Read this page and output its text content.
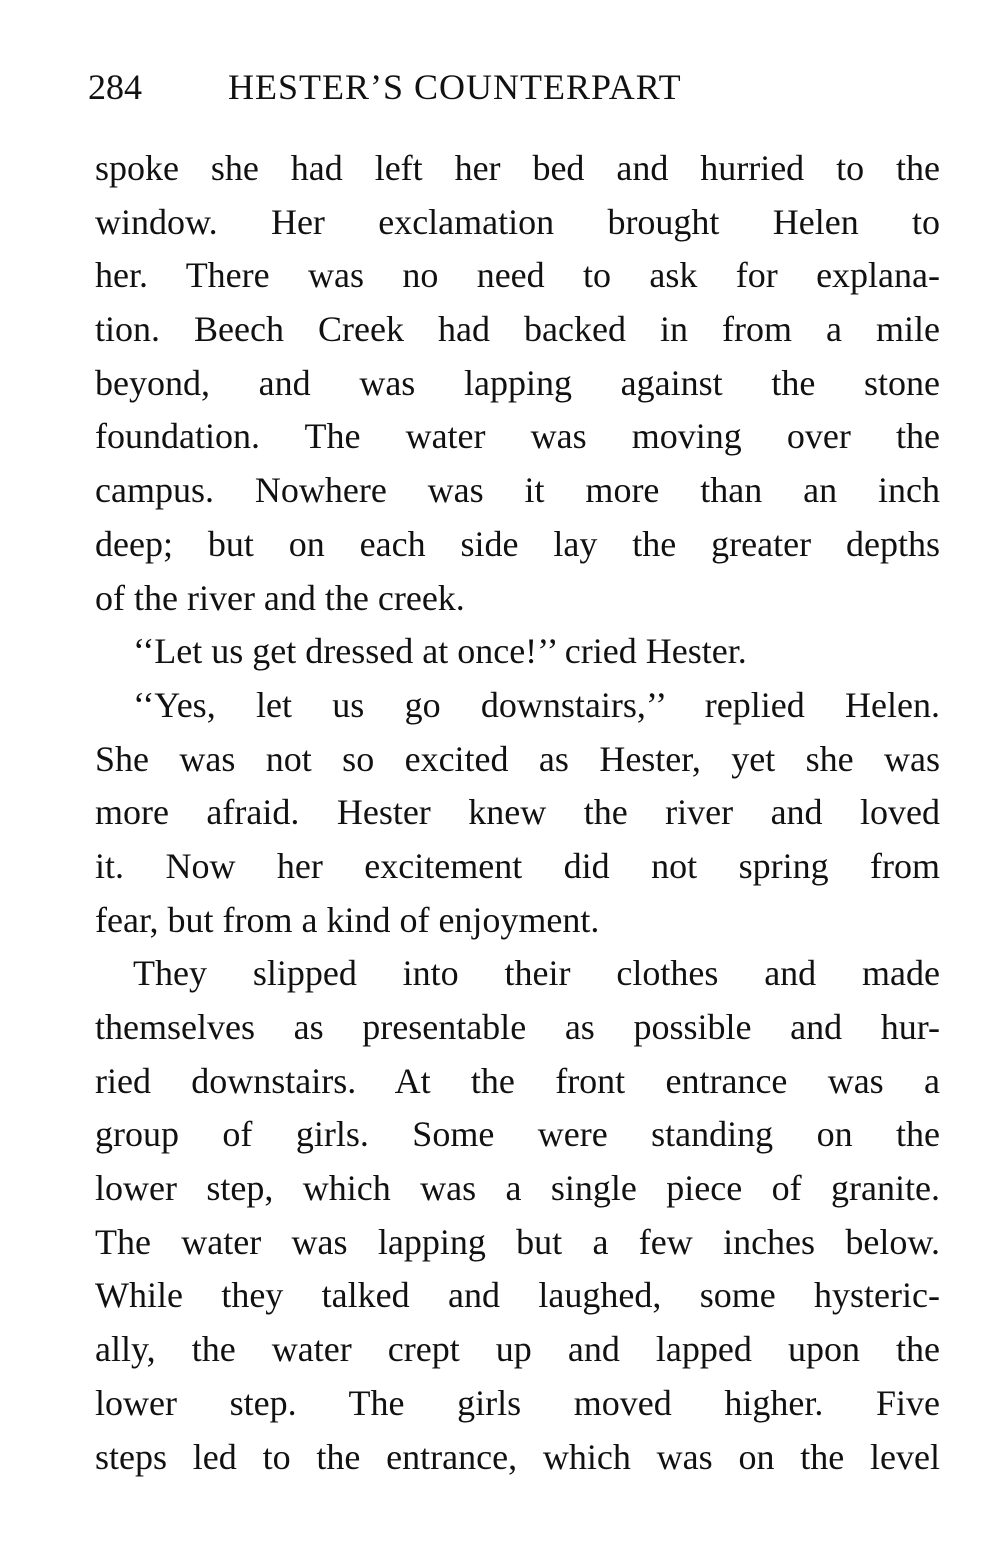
284 HESTER’S COUNTERPART
spoke she had left her bed and hurried to the
window. Her exclamation brought Helen to
her. There was no need to ask for explana-
tion. Beech Creek had backed in from a mile
beyond, and was lapping against the stone
foundation. The water was moving over the
campus. Nowhere was it more than an inch
deep; but on each side lay the greater depths
of the river and the creek.
‘‘Let us get dressed at once!’’ cried Hester.
‘‘Yes, let us go downstairs,’’ replied Helen.
She was not so excited as Hester, yet she was
more afraid. Hester knew the river and loved
it. Now her excitement did not spring from
fear, but from a kind of enjoyment.
They slipped into their clothes and made
themselves as presentable as possible and hur-
ried downstairs. At the front entrance was a
group of girls. Some were standing on the
lower step, which was a single piece of granite.
The water was lapping but a few inches below.
While they talked and laughed, some hysteric-
ally, the water crept up and lapped upon the
lower step. The girls moved higher. Five
steps led to the entrance, which was on the level
